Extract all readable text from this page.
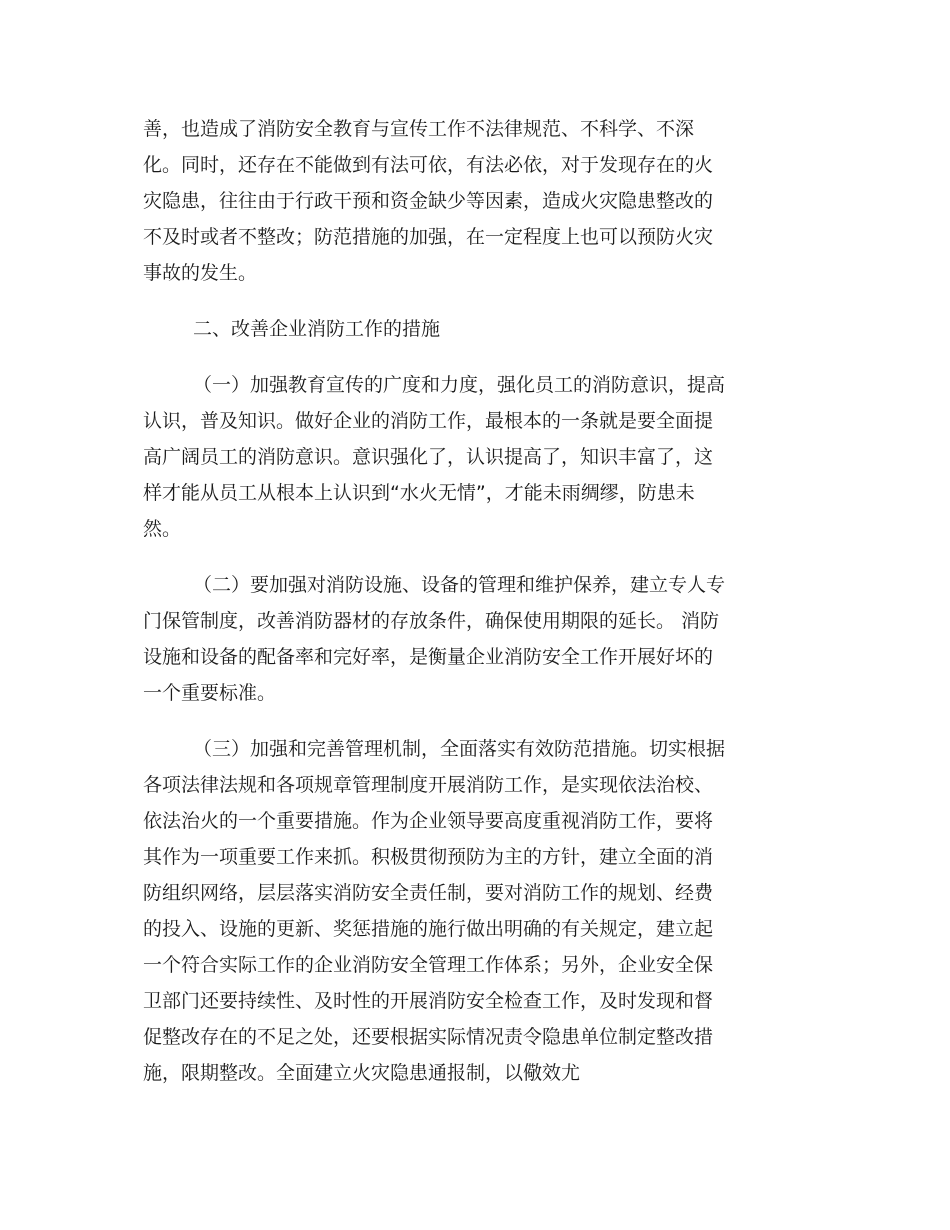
善，也造成了消防安全教育与宣传工作不法律规范、不科学、不深

化。同时，还存在不能做到有法可依，有法必依，对于发现存在的火

灾隐患，往往由于行政干预和资金缺少等因素，造成火灾隐患整改的

不及时或者不整改；防范措施的加强，在一定程度上也可以预防火灾

事故的发生。

二、改善企业消防工作的措施

（一）加强教育宣传的广度和力度，强化员工的消防意识，提高

认识，普及知识。做好企业的消防工作，最根本的一条就是要全面提

高广阔员工的消防意识。意识强化了，认识提高了，知识丰富了，这

样才能从员工从根本上认识到“水火无情”，才能未雨绸缪，防患未

然。

（二）要加强对消防设施、设备的管理和维护保养，建立专人专

门保管制度，改善消防器材的存放条件，确保使用期限的延长。 消防

设施和设备的配备率和完好率，是衡量企业消防安全工作开展好坏的

一个重要标准。

（三）加强和完善管理机制，全面落实有效防范措施。切实根据

各项法律法规和各项规章管理制度开展消防工作，是实现依法治校、

依法治火的一个重要措施。作为企业领导要高度重视消防工作，要将

其作为一项重要工作来抓。积极贯彻预防为主的方针，建立全面的消

防组织网络，层层落实消防安全责任制，要对消防工作的规划、经费

的投入、设施的更新、奖惩措施的施行做出明确的有关规定，建立起

一个符合实际工作的企业消防安全管理工作体系；另外，企业安全保

卫部门还要持续性、及时性的开展消防安全检查工作，及时发现和督

促整改存在的不足之处，还要根据实际情况责令隐患单位制定整改措

施，限期整改。全面建立火灾隐患通报制，以儆效尤
